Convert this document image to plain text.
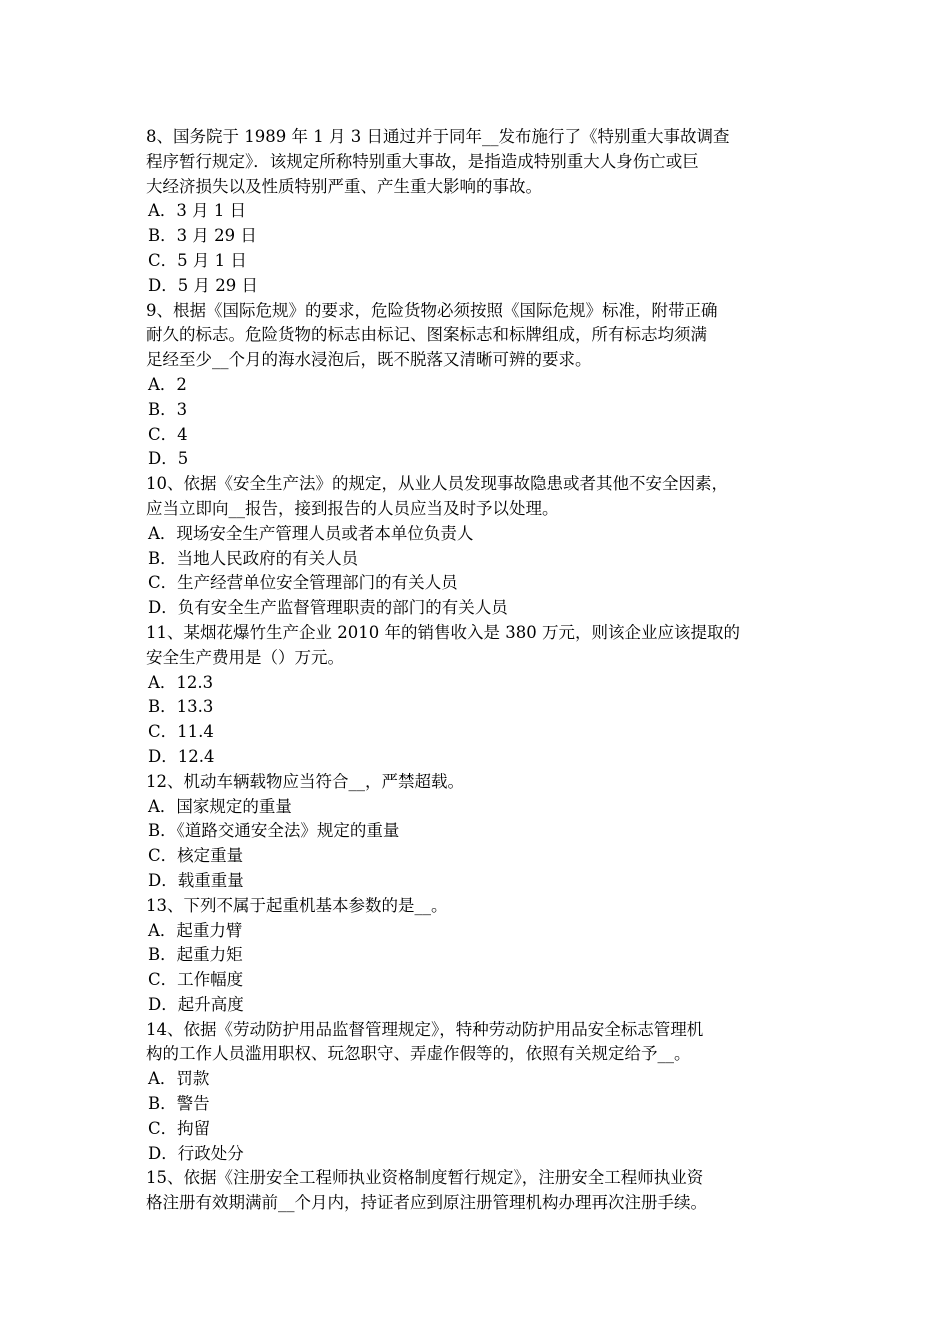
8、国务院于 1989 年 1 月 3 日通过并于同年__发布施行了《特别重大事故调查

程序暂行规定》．该规定所称特别重大事故，是指造成特别重大人身伤亡或巨

大经济损失以及性质特别严重、产生重大影响的事故。

A．3 月 1 日

B．3 月 29 日

C．5 月 1 日

D．5 月 29 日

9、根据《国际危规》的要求，危险货物必须按照《国际危规》标准，附带正确

耐久的标志。危险货物的标志由标记、图案标志和标牌组成，所有标志均须满

足经至少__个月的海水浸泡后，既不脱落又清晰可辨的要求。

A．2

B．3

C．4

D．5

10、依据《安全生产法》的规定，从业人员发现事故隐患或者其他不安全因素，

应当立即向__报告，接到报告的人员应当及时予以处理。

A．现场安全生产管理人员或者本单位负责人

B．当地人民政府的有关人员

C．生产经营单位安全管理部门的有关人员

D．负有安全生产监督管理职责的部门的有关人员

11、某烟花爆竹生产企业 2010 年的销售收入是 380 万元，则该企业应该提取的

安全生产费用是（）万元。

A．12.3

B．13.3

C．11.4

D．12.4

12、机动车辆载物应当符合__，严禁超载。

A．国家规定的重量

B．《道路交通安全法》规定的重量

C．核定重量

D．载重重量

13、下列不属于起重机基本参数的是__。

A．起重力臂

B．起重力矩

C．工作幅度

D．起升高度

14、依据《劳动防护用品监督管理规定》，特种劳动防护用品安全标志管理机

构的工作人员滥用职权、玩忽职守、弄虚作假等的，依照有关规定给予__。

A．罚款

B．警告

C．拘留

D．行政处分

15、依据《注册安全工程师执业资格制度暂行规定》，注册安全工程师执业资

格注册有效期满前__个月内，持证者应到原注册管理机构办理再次注册手续。
